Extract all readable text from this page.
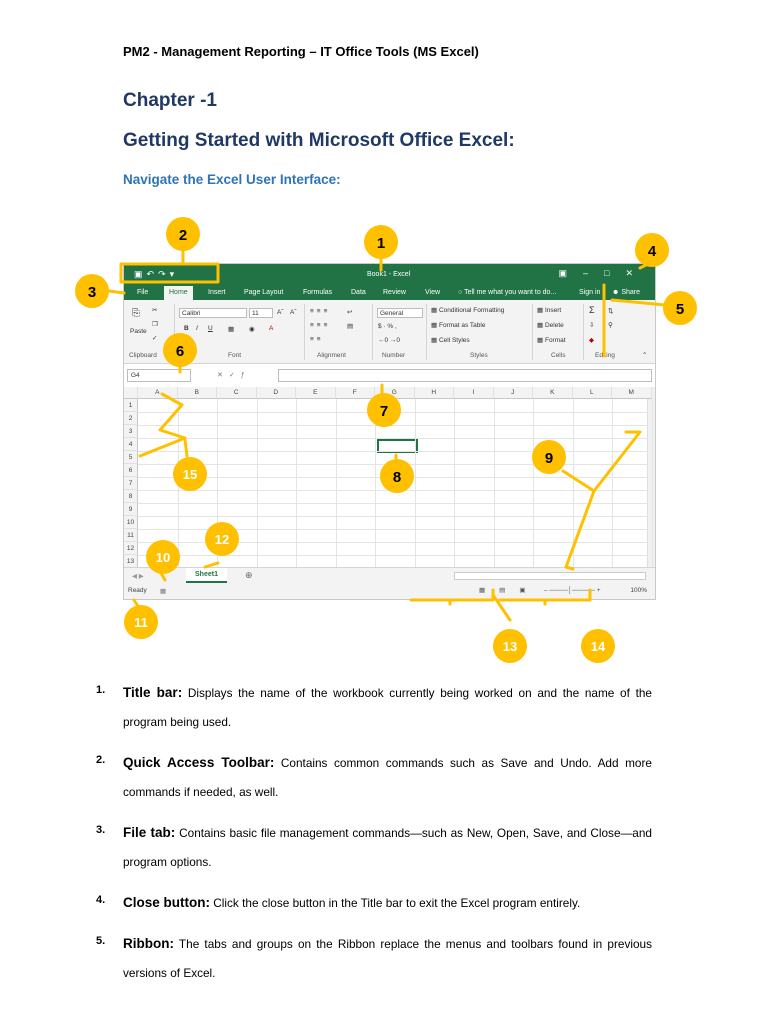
PM2 - Management Reporting – IT Office Tools (MS Excel)
Chapter -1
Getting Started with Microsoft Office Excel:
Navigate the Excel User Interface:
▣↶↷▾	Book1 - Excel	▣–□✕
File	Home	Insert	Page Layout	Formulas	Data Review	View	○ Tell me what you want to do...	Sign in ☻ Share
⎘
Paste
✂
❐
✓
Calibri	11	Aˆ Aˇ
B I U ▦ ◉ A
≡≡≡
≡≡≡
≡≡
↩
▤
General
$ · % ,
←0 →0
▦ Conditional Formatting
▦ Format as Table
▦ Cell Styles
▦ Insert
▦ Delete
▦ Format
Σ ⇅
⇩ ⚲
◆
Clipboard	Font	Alignment	Number	Styles	Cells	Editing	⌃
G4	✕✓ƒ
A	B	C	D	E	F	G	H	I	J	K	L	M
1
2
3
4
5
6
7
8
9
10
11
12
13
◀ ▶	Sheet1	⊕
Ready ▦	▦▤▣ – ────│───── +	100%
2	1	4
3
5
6
7
8
9
15
12
10
11
13	14
1. Title bar: Displays the name of the workbook currently being worked on and the name of the program being used.
2. Quick Access Toolbar: Contains common commands such as Save and Undo. Add more commands if needed, as well.
3. File tab: Contains basic file management commands—such as New, Open, Save, and Close—and program options.
4. Close button: Click the close button in the Title bar to exit the Excel program entirely.
5. Ribbon: The tabs and groups on the Ribbon replace the menus and toolbars found in previous versions of Excel.
